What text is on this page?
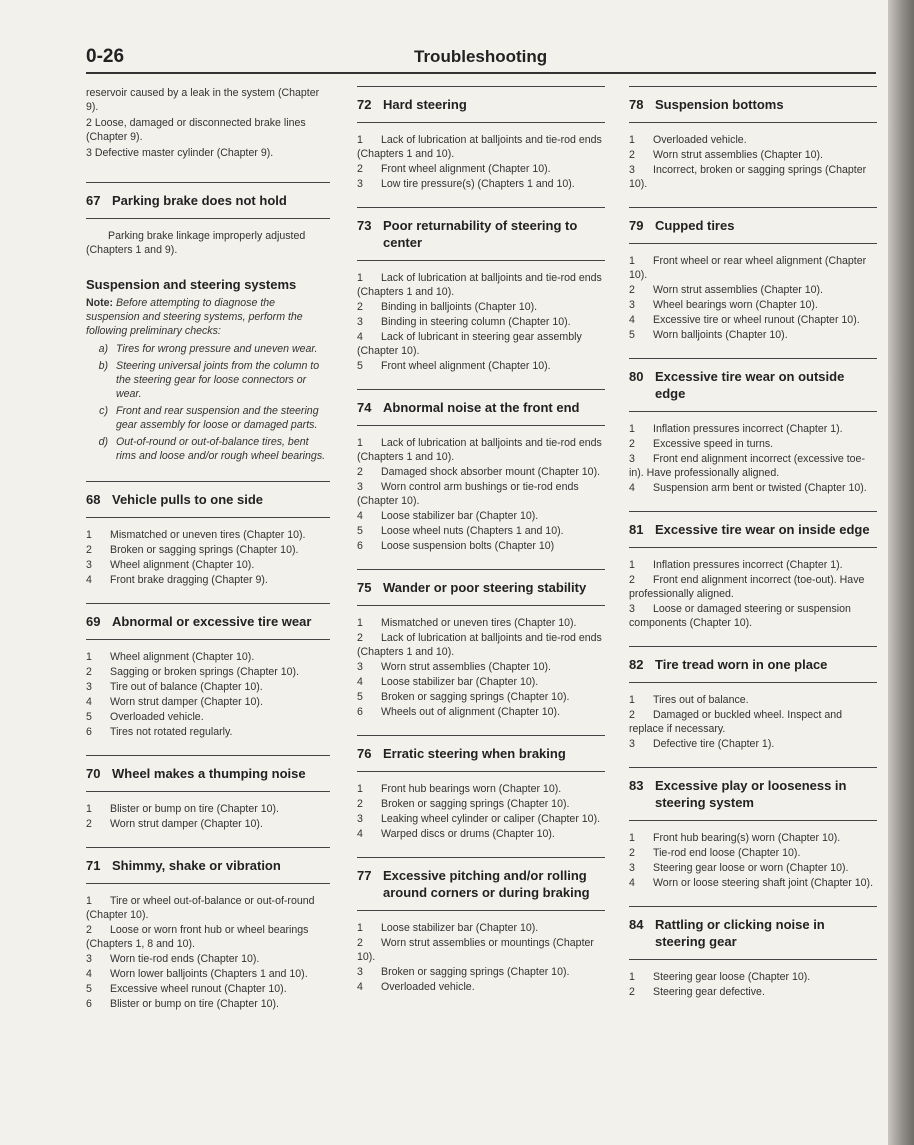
0-26	Troubleshooting
reservoir caused by a leak in the system (Chapter 9).
2 Loose, damaged or disconnected brake lines (Chapter 9).
3 Defective master cylinder (Chapter 9).
67 Parking brake does not hold
Parking brake linkage improperly adjusted (Chapters 1 and 9).
Suspension and steering systems
Note: Before attempting to diagnose the suspension and steering systems, perform the following preliminary checks:
a) Tires for wrong pressure and uneven wear.
b) Steering universal joints from the column to the steering gear for loose connectors or wear.
c) Front and rear suspension and the steering gear assembly for loose or damaged parts.
d) Out-of-round or out-of-balance tires, bent rims and loose and/or rough wheel bearings.
68 Vehicle pulls to one side
1 Mismatched or uneven tires (Chapter 10).
2 Broken or sagging springs (Chapter 10).
3 Wheel alignment (Chapter 10).
4 Front brake dragging (Chapter 9).
69 Abnormal or excessive tire wear
1 Wheel alignment (Chapter 10).
2 Sagging or broken springs (Chapter 10).
3 Tire out of balance (Chapter 10).
4 Worn strut damper (Chapter 10).
5 Overloaded vehicle.
6 Tires not rotated regularly.
70 Wheel makes a thumping noise
1 Blister or bump on tire (Chapter 10).
2 Worn strut damper (Chapter 10).
71 Shimmy, shake or vibration
1 Tire or wheel out-of-balance or out-of-round (Chapter 10).
2 Loose or worn front hub or wheel bearings (Chapters 1, 8 and 10).
3 Worn tie-rod ends (Chapter 10).
4 Worn lower balljoints (Chapters 1 and 10).
5 Excessive wheel runout (Chapter 10).
6 Blister or bump on tire (Chapter 10).
72 Hard steering
1 Lack of lubrication at balljoints and tie-rod ends (Chapters 1 and 10).
2 Front wheel alignment (Chapter 10).
3 Low tire pressure(s) (Chapters 1 and 10).
73 Poor returnability of steering to center
1 Lack of lubrication at balljoints and tie-rod ends (Chapters 1 and 10).
2 Binding in balljoints (Chapter 10).
3 Binding in steering column (Chapter 10).
4 Lack of lubricant in steering gear assembly (Chapter 10).
5 Front wheel alignment (Chapter 10).
74 Abnormal noise at the front end
1 Lack of lubrication at balljoints and tie-rod ends (Chapters 1 and 10).
2 Damaged shock absorber mount (Chapter 10).
3 Worn control arm bushings or tie-rod ends (Chapter 10).
4 Loose stabilizer bar (Chapter 10).
5 Loose wheel nuts (Chapters 1 and 10).
6 Loose suspension bolts (Chapter 10)
75 Wander or poor steering stability
1 Mismatched or uneven tires (Chapter 10).
2 Lack of lubrication at balljoints and tie-rod ends (Chapters 1 and 10).
3 Worn strut assemblies (Chapter 10).
4 Loose stabilizer bar (Chapter 10).
5 Broken or sagging springs (Chapter 10).
6 Wheels out of alignment (Chapter 10).
76 Erratic steering when braking
1 Front hub bearings worn (Chapter 10).
2 Broken or sagging springs (Chapter 10).
3 Leaking wheel cylinder or caliper (Chapter 10).
4 Warped discs or drums (Chapter 10).
77 Excessive pitching and/or rolling around corners or during braking
1 Loose stabilizer bar (Chapter 10).
2 Worn strut assemblies or mountings (Chapter 10).
3 Broken or sagging springs (Chapter 10).
4 Overloaded vehicle.
78 Suspension bottoms
1 Overloaded vehicle.
2 Worn strut assemblies (Chapter 10).
3 Incorrect, broken or sagging springs (Chapter 10).
79 Cupped tires
1 Front wheel or rear wheel alignment (Chapter 10).
2 Worn strut assemblies (Chapter 10).
3 Wheel bearings worn (Chapter 10).
4 Excessive tire or wheel runout (Chapter 10).
5 Worn balljoints (Chapter 10).
80 Excessive tire wear on outside edge
1 Inflation pressures incorrect (Chapter 1).
2 Excessive speed in turns.
3 Front end alignment incorrect (excessive toe-in). Have professionally aligned.
4 Suspension arm bent or twisted (Chapter 10).
81 Excessive tire wear on inside edge
1 Inflation pressures incorrect (Chapter 1).
2 Front end alignment incorrect (toe-out). Have professionally aligned.
3 Loose or damaged steering or suspension components (Chapter 10).
82 Tire tread worn in one place
1 Tires out of balance.
2 Damaged or buckled wheel. Inspect and replace if necessary.
3 Defective tire (Chapter 1).
83 Excessive play or looseness in steering system
1 Front hub bearing(s) worn (Chapter 10).
2 Tie-rod end loose (Chapter 10).
3 Steering gear loose or worn (Chapter 10).
4 Worn or loose steering shaft joint (Chapter 10).
84 Rattling or clicking noise in steering gear
1 Steering gear loose (Chapter 10).
2 Steering gear defective.
